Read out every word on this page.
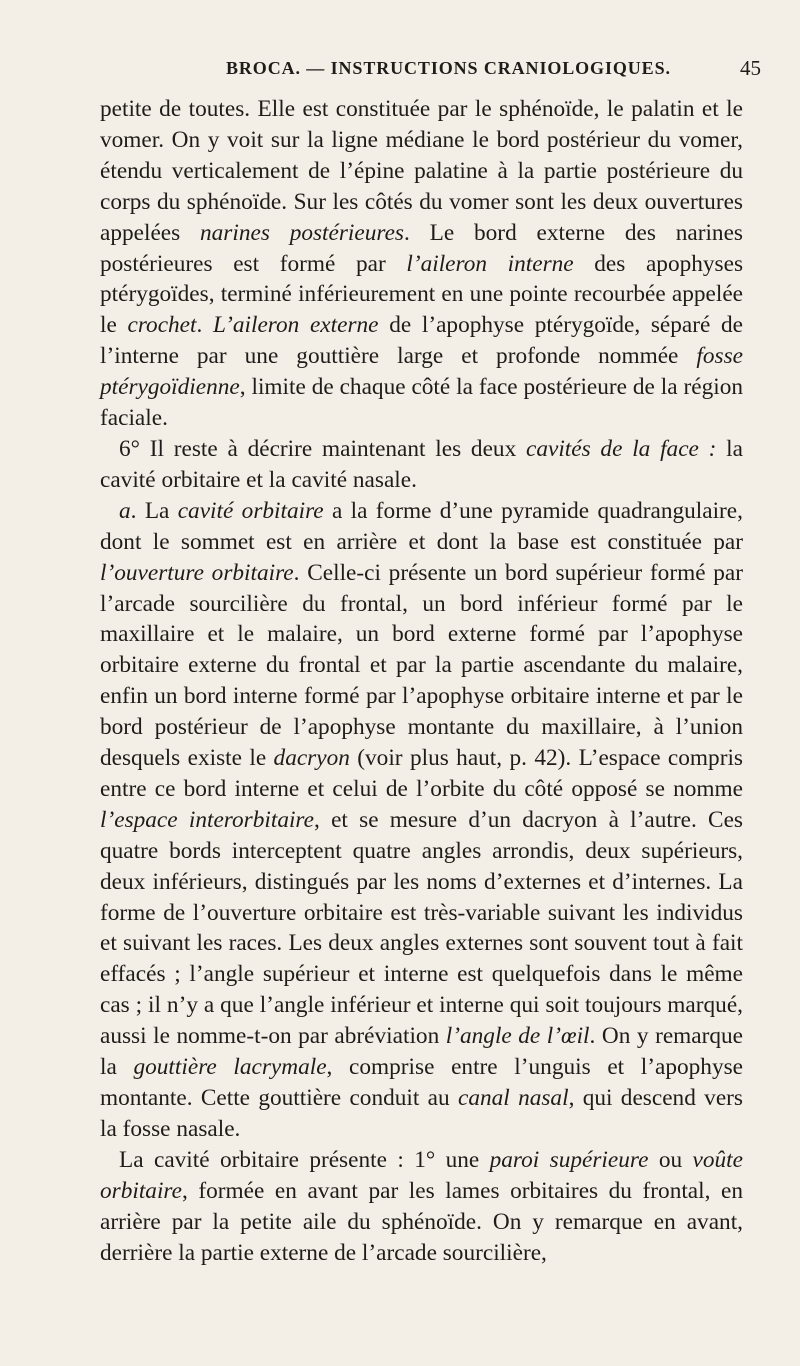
BROCA. — INSTRUCTIONS CRANIOLOGIQUES.	45

petite de toutes. Elle est constituée par le sphénoïde, le palatin et le vomer. On y voit sur la ligne médiane le bord postérieur du vomer, étendu verticalement de l’épine palatine à la partie postérieure du corps du sphénoïde. Sur les côtés du vomer sont les deux ouvertures appelées narines postérieures. Le bord externe des narines postérieures est formé par l’aileron interne des apophyses ptérygoïdes, terminé inférieurement en une pointe recourbée appelée le crochet. L’aileron externe de l’apophyse ptérygoïde, séparé de l’interne par une gouttière large et profonde nommée fosse ptérygoïdienne, limite de chaque côté la face postérieure de la région faciale.

6° Il reste à décrire maintenant les deux cavités de la face : la cavité orbitaire et la cavité nasale.

a. La cavité orbitaire a la forme d’une pyramide quadrangulaire, dont le sommet est en arrière et dont la base est constituée par l’ouverture orbitaire. Celle-ci présente un bord supérieur formé par l’arcade sourcilière du frontal, un bord inférieur formé par le maxillaire et le malaire, un bord externe formé par l’apophyse orbitaire externe du frontal et par la partie ascendante du malaire, enfin un bord interne formé par l’apophyse orbitaire interne et par le bord postérieur de l’apophyse montante du maxillaire, à l’union desquels existe le dacryon (voir plus haut, p. 42). L’espace compris entre ce bord interne et celui de l’orbite du côté opposé se nomme l’espace interorbitaire, et se mesure d’un dacryon à l’autre. Ces quatre bords interceptent quatre angles arrondis, deux supérieurs, deux inférieurs, distingués par les noms d’externes et d’internes. La forme de l’ouverture orbitaire est très-variable suivant les individus et suivant les races. Les deux angles externes sont souvent tout à fait effacés ; l’angle supérieur et interne est quelquefois dans le même cas ; il n’y a que l’angle inférieur et interne qui soit toujours marqué, aussi le nomme-t-on par abréviation l’angle de l’œil. On y remarque la gouttière lacrymale, comprise entre l’unguis et l’apophyse montante. Cette gouttière conduit au canal nasal, qui descend vers la fosse nasale.

La cavité orbitaire présente : 1° une paroi supérieure ou voûte orbitaire, formée en avant par les lames orbitaires du frontal, en arrière par la petite aile du sphénoïde. On y remarque en avant, derrière la partie externe de l’arcade sourcilière,
